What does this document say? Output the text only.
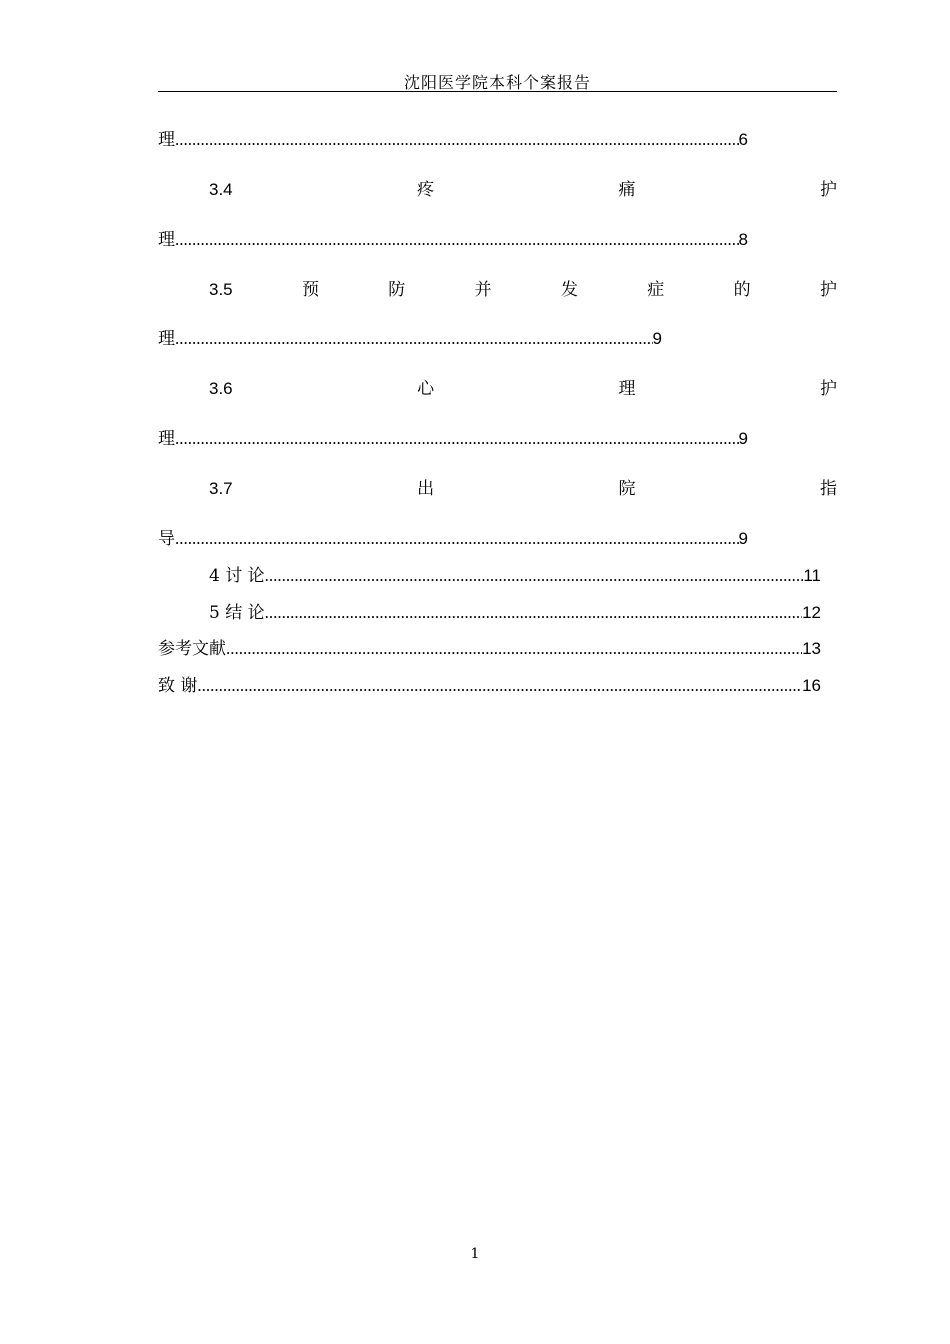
沈阳医学院本科个案报告
理 .....	6
3.4	疼	痛	护
理 .....	8
3.5	预	防	并	发	症	的	护
理 .....	9
3.6	心	理	护
理 .....	9
3.7	出	院	指
导 .....	9
4 讨 论 .....	11
5 结 论 .....	12
参考文献 .....	13
致 谢 .....	16
1
